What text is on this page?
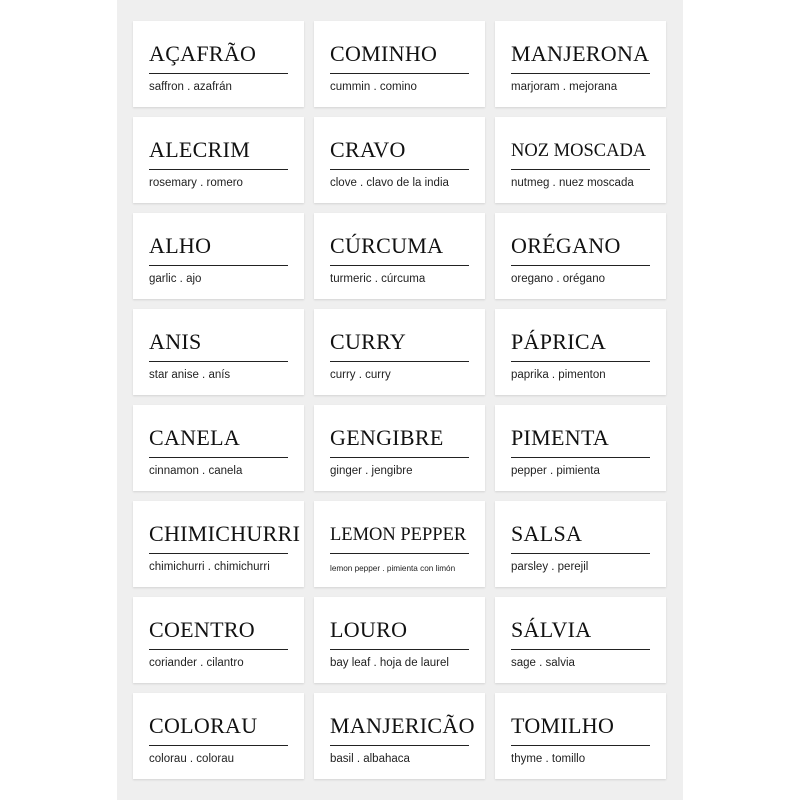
AÇAFRÃO
saffron . azafrán
COMINHO
cummin . comino
MANJERONA
marjoram . mejorana
ALECRIM
rosemary . romero
CRAVO
clove . clavo de la india
NOZ MOSCADA
nutmeg . nuez moscada
ALHO
garlic . ajo
CÚRCUMA
turmeric . cúrcuma
ORÉGANO
oregano . orégano
ANIS
star anise . anís
CURRY
curry . curry
PÁPRICA
paprika . pimenton
CANELA
cinnamon . canela
GENGIBRE
ginger . jengibre
PIMENTA
pepper . pimienta
CHIMICHURRI
chimichurri . chimichurri
LEMON PEPPER
lemon pepper . pimienta con limón
SALSA
parsley . perejil
COENTRO
coriander . cilantro
LOURO
bay leaf . hoja de laurel
SÁLVIA
sage . salvia
COLORAU
colorau . colorau
MANJERICÃO
basil . albahaca
TOMILHO
thyme . tomillo
